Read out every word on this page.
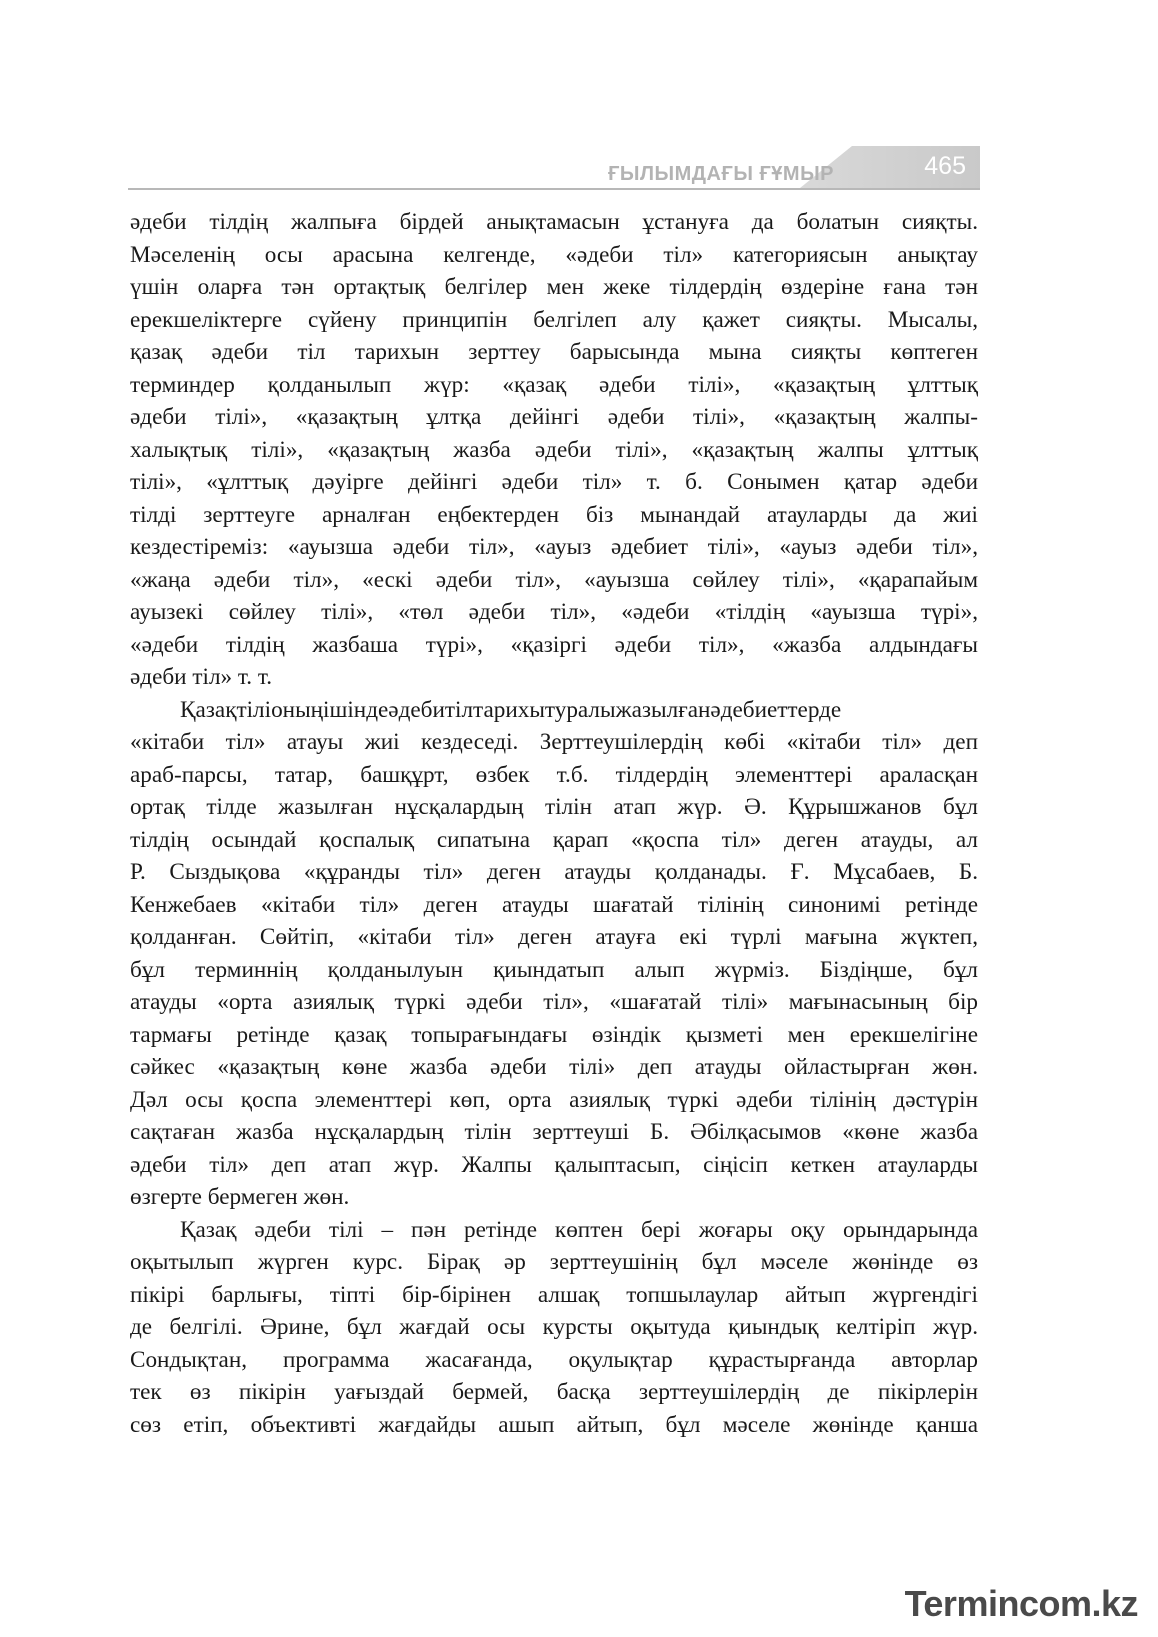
ҒЫЛЫМДАҒЫ ҒҰМЫР	465

әдеби тілдің жалпыға бірдей анықтамасын ұстануға да болатын сияқты.

Мәселенің осы арасына келгенде, «әдеби тіл» категориясын анықтау

үшін оларға тән ортақтық белгілер мен жеке тілдердің өздеріне ғана тән

ерекшеліктерге сүйену принципін белгілеп алу қажет сияқты. Мысалы,

қазақ әдеби тіл тарихын зерттеу барысында мына сияқты көптеген

терминдер қолданылып жүр: «қазақ әдеби тілі», «қазақтың ұлттық

әдеби тілі», «қазақтың ұлтқа дейінгі әдеби тілі», «қазақтың жалпы-

халықтық тілі», «қазақтың жазба әдеби тілі», «қазақтың жалпы ұлттық

тілі», «ұлттық дәуірге дейінгі әдеби тіл» т. б. Сонымен қатар әдеби

тілді зерттеуге арналған еңбектерден біз мынандай атауларды да жиі

кездестіреміз: «ауызша әдеби тіл», «ауыз әдебиет тілі», «ауыз әдеби тіл»,

«жаңа әдеби тіл», «ескі әдеби тіл», «ауызша сөйлеу тілі», «қарапайым

ауызекі сөйлеу тілі», «төл әдеби тіл», «әдеби «тілдің «ауызша түрі»,

«әдеби тілдің жазбаша түрі», «қазіргі әдеби тіл», «жазба алдындағы

әдеби тіл» т. т.

Қазақтіліоныңішіндеәдебитілтарихытуралыжазылғанәдебиеттерде

«кітаби тіл» атауы жиі кездеседі. Зерттеушілердің көбі «кітаби тіл» деп

араб-парсы, татар, башқұрт, өзбек т.б. тілдердің элементтері араласқан

ортақ тілде жазылған нұсқалардың тілін атап жүр. Ә. Құрышжанов бұл

тілдің осындай қоспалық сипатына қарап «қоспа тіл» деген атауды, ал

Р. Сыздықова «құранды тіл» деген атауды қолданады. Ғ. Мұсабаев, Б.

Кенжебаев «кітаби тіл» деген атауды шағатай тілінің синонимі ретінде

қолданған. Сөйтіп, «кітаби тіл» деген атауға екі түрлі мағына жүктеп,

бұл терминнің қолданылуын қиындатып алып жүрміз. Біздіңше, бұл

атауды «орта азиялық түркі әдеби тіл», «шағатай тілі» мағынасының бір

тармағы ретінде қазақ топырағындағы өзіндік қызметі мен ерекшелігіне

сәйкес «қазақтың көне жазба әдеби тілі» деп атауды ойластырған жөн.

Дәл осы қоспа элементтері көп, орта азиялық түркі әдеби тілінің дәстүрін

сақтаған жазба нұсқалардың тілін зерттеуші Б. Әбілқасымов «көне жазба

әдеби тіл» деп атап жүр. Жалпы қалыптасып, сіңісіп кеткен атауларды

өзгерте бермеген жөн.

Қазақ әдеби тілі – пән ретінде көптен бері жоғары оқу орындарында

оқытылып жүрген курс. Бірақ әр зерттеушінің бұл мәселе жөнінде өз

пікірі барлығы, тіпті бір-бірінен алшақ топшылаулар айтып жүргендігі

де белгілі. Әрине, бұл жағдай осы курсты оқытуда қиындық келтіріп жүр.

Сондықтан, программа жасағанда, оқулықтар құрастырғанда авторлар

тек өз пікірін уағыздай бермей, басқа зерттеушілердің де пікірлерін

сөз етіп, объективті жағдайды ашып айтып, бұл мәселе жөнінде қанша

Termincom.kz
